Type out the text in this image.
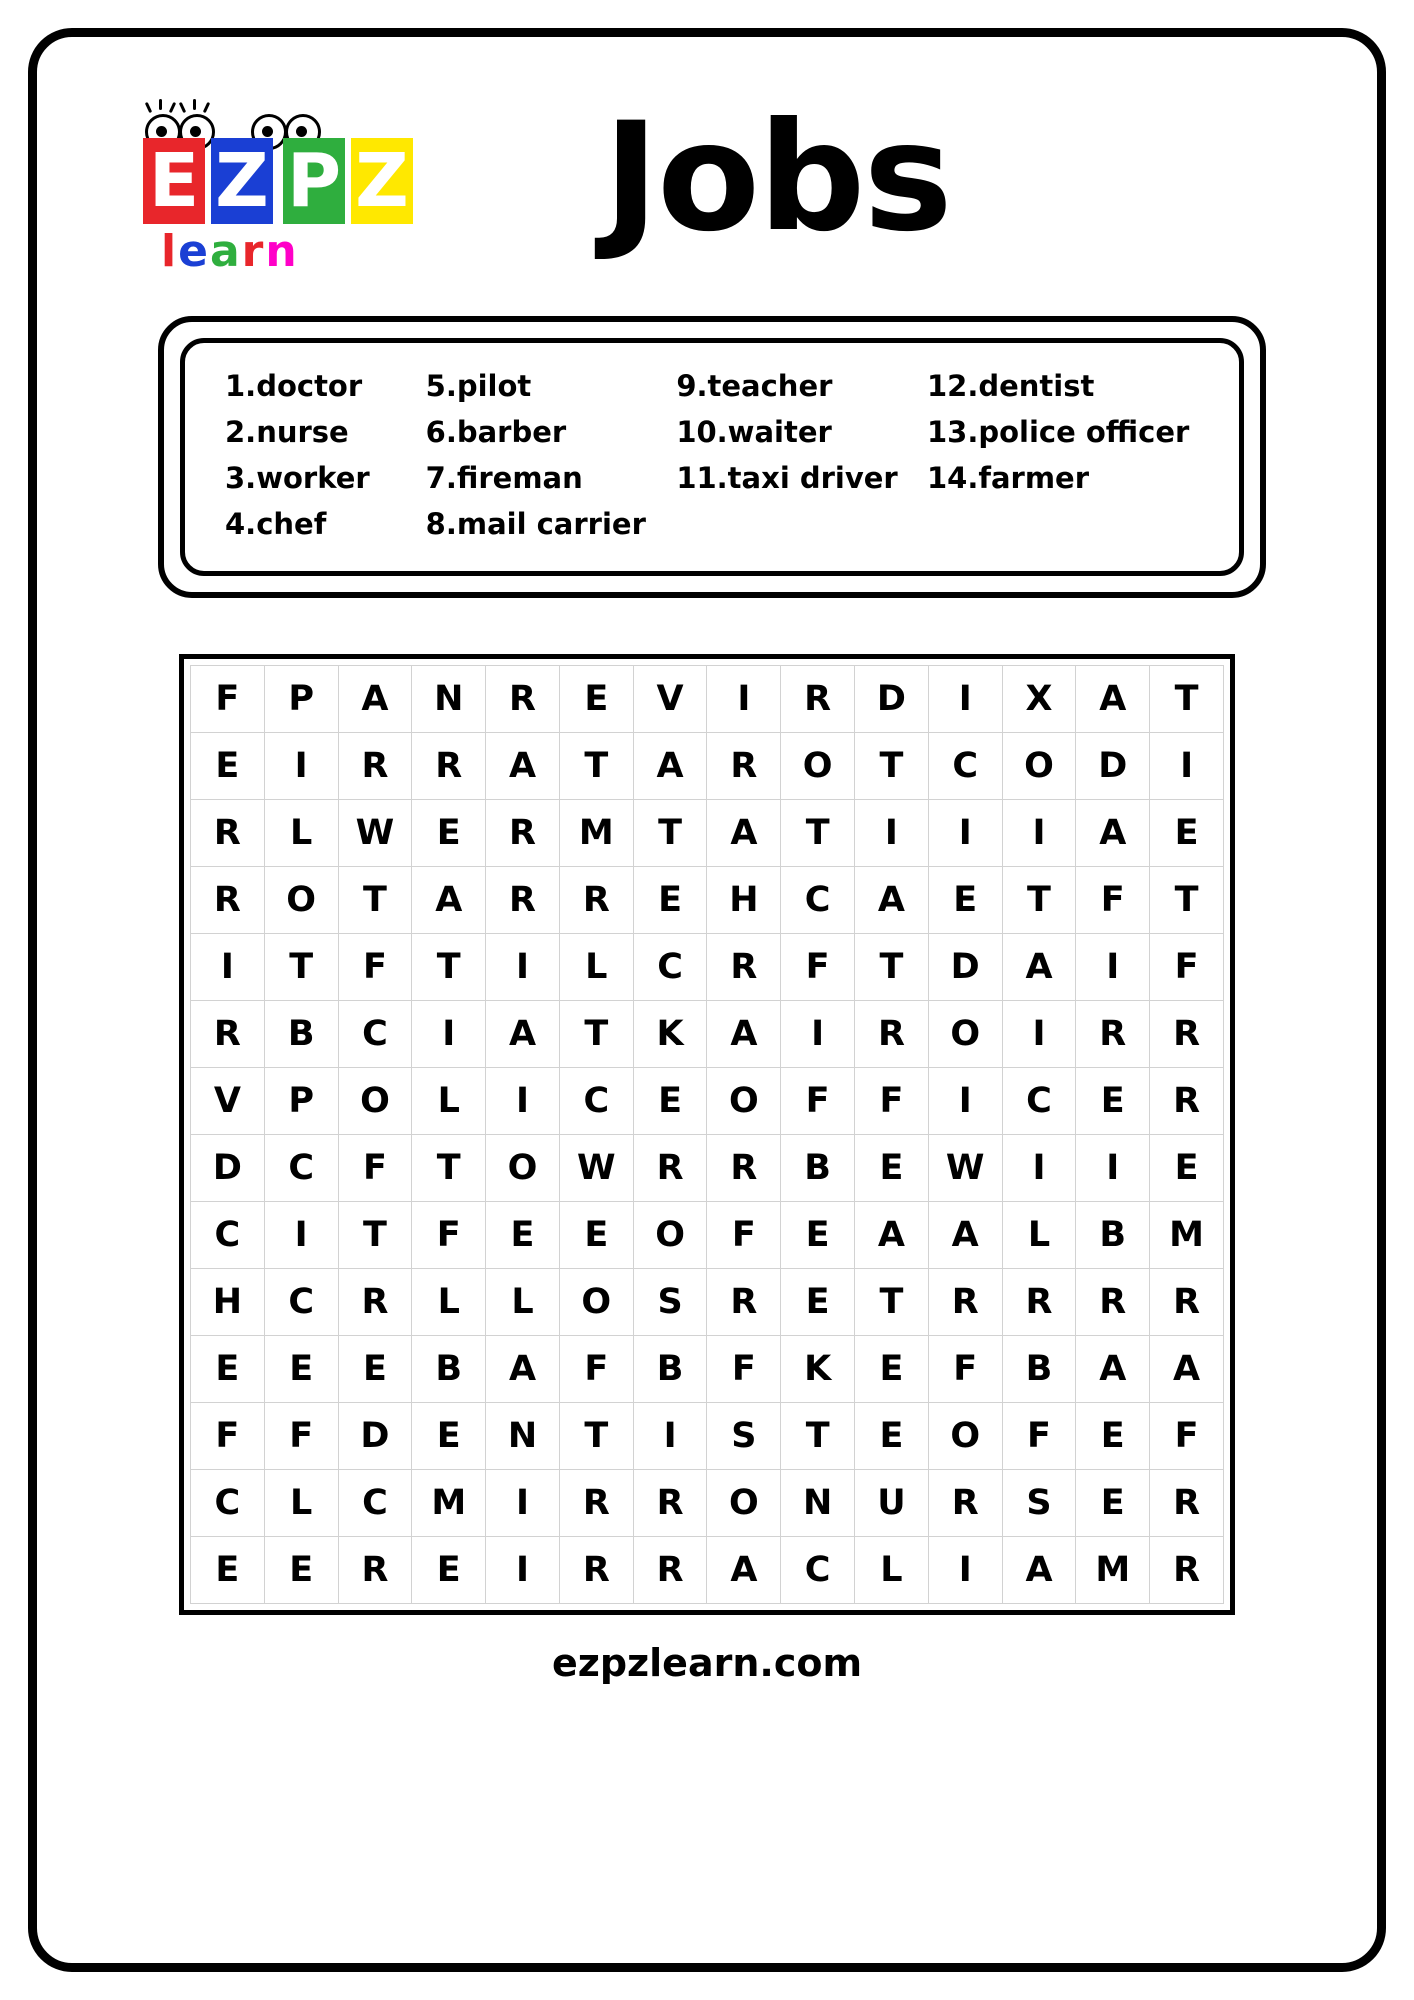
E Z P Z
learn	Jobs
1.doctor
2.nurse
3.worker
4.chef
5.pilot
6.barber
7.fireman
8.mail carrier
9.teacher
10.waiter
11.taxi driver
12.dentist
13.police officer
14.farmer
F	P	A	N	R	E	V	I	R	D	I	X	A	T
E	I	R	R	A	T	A	R	O	T	C	O	D	I
R	L	W	E	R	M	T	A	T	I	I	I	A	E
R	O	T	A	R	R	E	H	C	A	E	T	F	T
I	T	F	T	I	L	C	R	F	T	D	A	I	F
R	B	C	I	A	T	K	A	I	R	O	I	R	R
V	P	O	L	I	C	E	O	F	F	I	C	E	R
D	C	F	T	O	W	R	R	B	E	W	I	I	E
C	I	T	F	E	E	O	F	E	A	A	L	B	M
H	C	R	L	L	O	S	R	E	T	R	R	R	R
E	E	E	B	A	F	B	F	K	E	F	B	A	A
F	F	D	E	N	T	I	S	T	E	O	F	E	F
C	L	C	M	I	R	R	O	N	U	R	S	E	R
E	E	R	E	I	R	R	A	C	L	I	A	M	R
ezpzlearn.com
